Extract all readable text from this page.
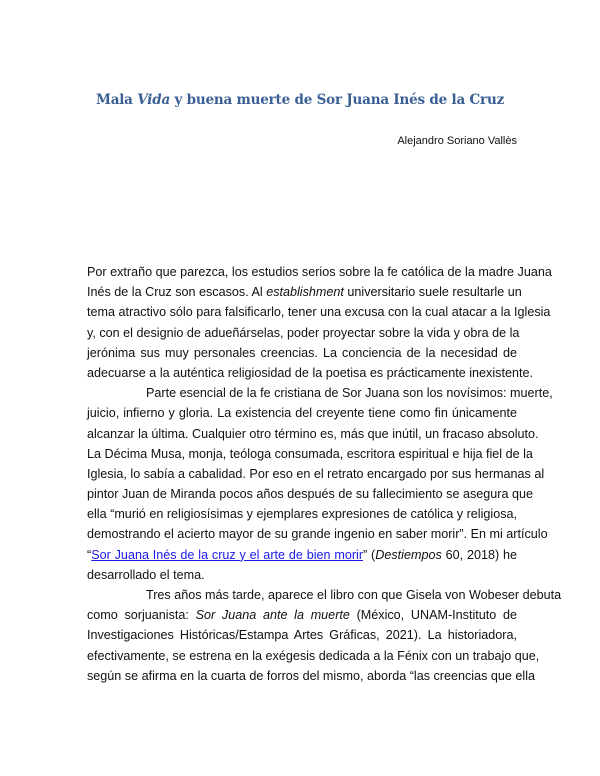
Mala Vida y buena muerte de Sor Juana Inés de la Cruz
Alejandro Soriano Vallès
Por extraño que parezca, los estudios serios sobre la fe católica de la madre Juana
Inés de la Cruz son escasos. Al establishment universitario suele resultarle un
tema atractivo sólo para falsificarlo, tener una excusa con la cual atacar a la Iglesia
y, con el designio de adueñárselas, poder proyectar sobre la vida y obra de la
jerónima sus muy personales creencias. La conciencia de la necesidad de
adecuarse a la auténtica religiosidad de la poetisa es prácticamente inexistente.
Parte esencial de la fe cristiana de Sor Juana son los novísimos: muerte,
juicio, infierno y gloria. La existencia del creyente tiene como fin únicamente
alcanzar la última. Cualquier otro término es, más que inútil, un fracaso absoluto.
La Décima Musa, monja, teóloga consumada, escritora espiritual e hija fiel de la
Iglesia, lo sabía a cabalidad. Por eso en el retrato encargado por sus hermanas al
pintor Juan de Miranda pocos años después de su fallecimiento se asegura que
ella “murió en religiosísimas y ejemplares expresiones de católica y religiosa,
demostrando el acierto mayor de su grande ingenio en saber morir”. En mi artículo
“Sor Juana Inés de la cruz y el arte de bien morir” (Destiempos 60, 2018) he
desarrollado el tema.
Tres años más tarde, aparece el libro con que Gisela von Wobeser debuta
como sorjuanista: Sor Juana ante la muerte (México, UNAM-Instituto de
Investigaciones Históricas/Estampa Artes Gráficas, 2021). La historiadora,
efectivamente, se estrena en la exégesis dedicada a la Fénix con un trabajo que,
según se afirma en la cuarta de forros del mismo, aborda “las creencias que ella
